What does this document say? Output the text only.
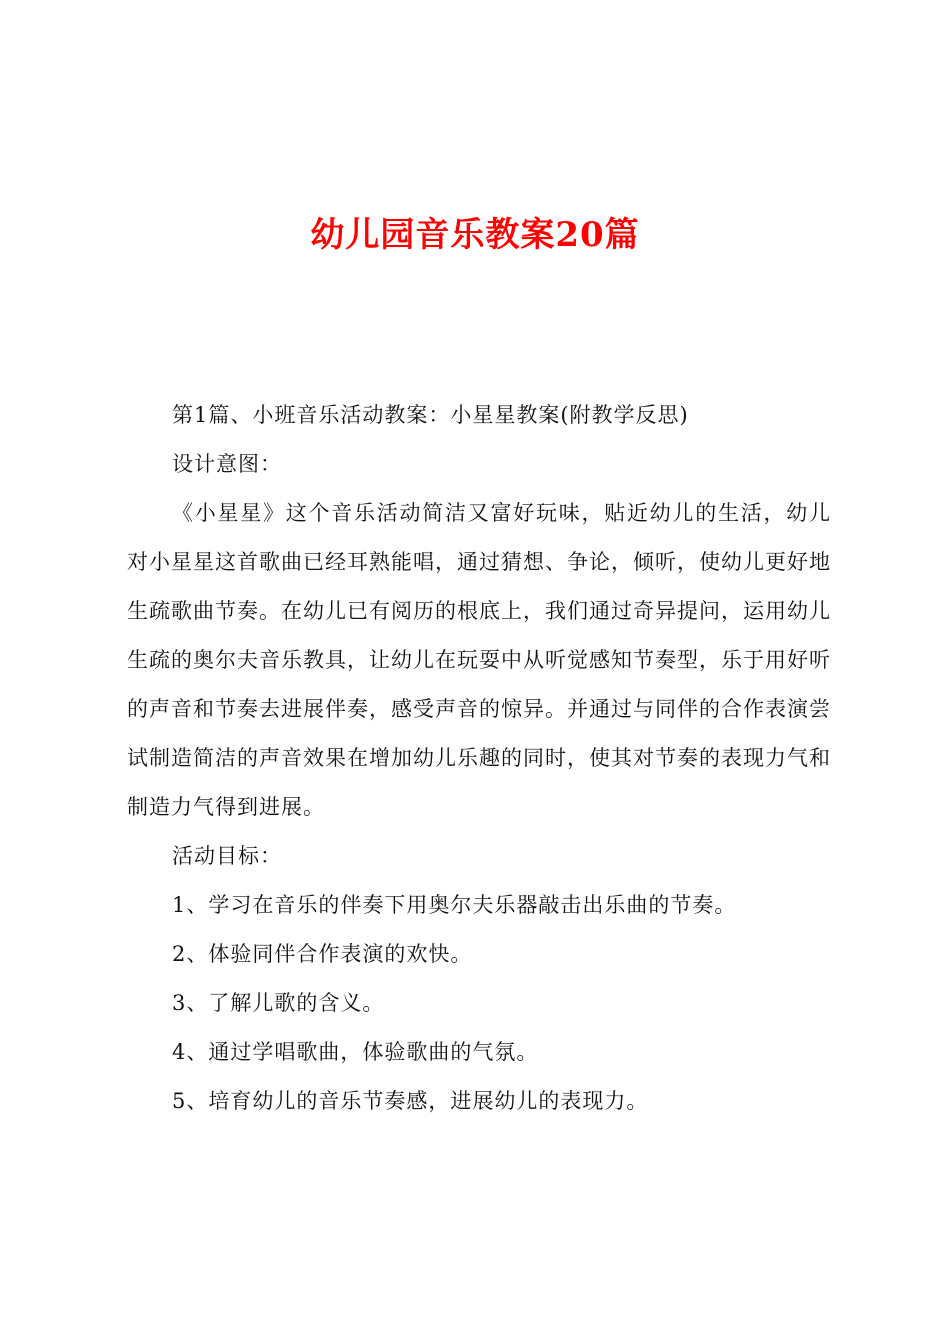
幼儿园音乐教案20篇

第1篇、小班音乐活动教案：小星星教案(附教学反思)

设计意图：

《小星星》这个音乐活动简洁又富好玩味，贴近幼儿的生活，幼儿对小星星这首歌曲已经耳熟能唱，通过猜想、争论，倾听，使幼儿更好地生疏歌曲节奏。在幼儿已有阅历的根底上，我们通过奇异提问，运用幼儿生疏的奥尔夫音乐教具，让幼儿在玩耍中从听觉感知节奏型，乐于用好听的声音和节奏去进展伴奏，感受声音的惊异。并通过与同伴的合作表演尝试制造简洁的声音效果在增加幼儿乐趣的同时，使其对节奏的表现力气和制造力气得到进展。

活动目标：

1、学习在音乐的伴奏下用奥尔夫乐器敲击出乐曲的节奏。

2、体验同伴合作表演的欢快。

3、了解儿歌的含义。

4、通过学唱歌曲，体验歌曲的气氛。

5、培育幼儿的音乐节奏感，进展幼儿的表现力。
